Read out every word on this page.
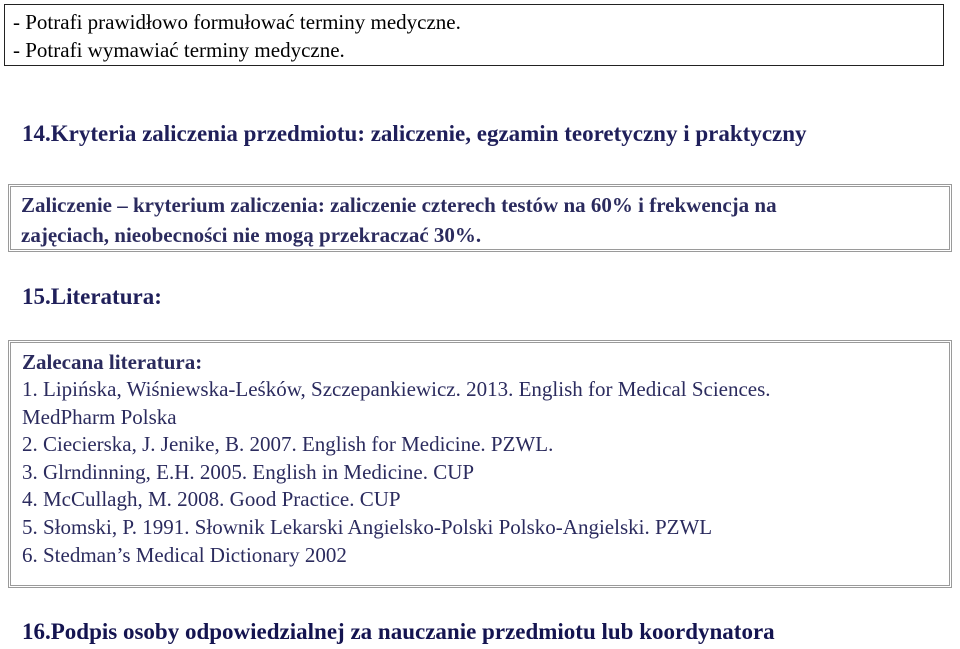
- Potrafi prawidłowo formułować terminy medyczne.
- Potrafi wymawiać terminy medyczne.
14.Kryteria zaliczenia przedmiotu: zaliczenie, egzamin teoretyczny i praktyczny
Zaliczenie – kryterium zaliczenia: zaliczenie czterech testów na 60% i frekwencja na
zajęciach, nieobecności nie mogą przekraczać 30%.
15.Literatura:
Zalecana literatura:
1. Lipińska, Wiśniewska-Leśków, Szczepankiewicz. 2013. English for Medical Sciences.
MedPharm Polska
2. Ciecierska, J. Jenike, B. 2007. English for Medicine. PZWL.
3. Glrndinning, E.H. 2005. English in Medicine. CUP
4. McCullagh, M. 2008. Good Practice. CUP
5. Słomski, P. 1991. Słownik Lekarski Angielsko-Polski Polsko-Angielski. PZWL
6. Stedman’s Medical Dictionary 2002
16.Podpis osoby odpowiedzialnej za nauczanie przedmiotu lub koordynatora
